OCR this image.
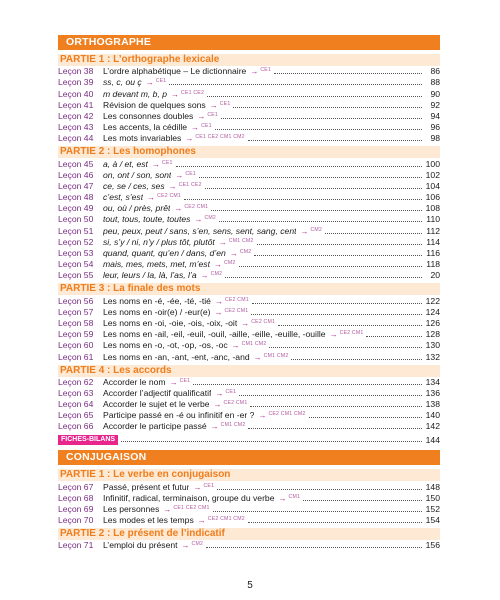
ORTHOGRAPHE
PARTIE 1 : L’orthographe lexicale
Leçon 38	L’ordre alphabétique – Le dictionnaire → CE1	86
Leçon 39	ss, c, ou ç → CE1	88
Leçon 40	m devant m, b, p → CE1 CE2	90
Leçon 41	Révision de quelques sons → CE1	92
Leçon 42	Les consonnes doubles → CE1	94
Leçon 43	Les accents, la cédille → CE1	96
Leçon 44	Les mots invariables → CE1 CE2 CM1 CM2	98
PARTIE 2 : Les homophones
Leçon 45	a, à / et, est → CE1	100
Leçon 46	on, ont / son, sont → CE1	102
Leçon 47	ce, se / ces, ses → CE1 CE2	104
Leçon 48	c’est, s’est → CE2 CM1	106
Leçon 49	ou, où / près, prêt → CE2 CM1	108
Leçon 50	tout, tous, toute, toutes → CM2	110
Leçon 51	peu, peux, peut / sans, s’en, sens, sent, sang, cent → CM2	112
Leçon 52	si, s’y / ni, n’y / plus tôt, plutôt → CM1 CM2	114
Leçon 53	quand, quant, qu’en / dans, d’en → CM2	116
Leçon 54	mais, mes, mets, met, m’est → CM2	118
Leçon 55	leur, leurs / la, là, l’as, l’a → CM2	20
PARTIE 3 : La finale des mots
Leçon 56	Les noms en -é, -ée, -té, -tié → CE2 CM1	122
Leçon 57	Les noms en -oir(e) / -eur(e) → CE2 CM1	124
Leçon 58	Les noms en -oi, -oie, -ois, -oix, -oit → CE2 CM1	126
Leçon 59	Les noms en -ail, -eil, -euil, -ouil, -aille, -eille, -euille, -ouille → CE2 CM1	128
Leçon 60	Les noms en -o, -ot, -op, -os, -oc → CM1 CM2	130
Leçon 61	Les noms en -an, -ant, -ent, -anc, -and → CM1 CM2	132
PARTIE 4 : Les accords
Leçon 62	Accorder le nom → CE1	134
Leçon 63	Accorder l’adjectif qualificatif → CE1	136
Leçon 64	Accorder le sujet et le verbe → CE2 CM1	138
Leçon 65	Participe passé en -é ou infinitif en -er ? → CE2 CM1 CM2	140
Leçon 66	Accorder le participe passé → CM1 CM2	142
FICHES-BILANS	144
CONJUGAISON
PARTIE 1 : Le verbe en conjugaison
Leçon 67	Passé, présent et futur → CE1	148
Leçon 68	Infinitif, radical, terminaison, groupe du verbe → CM1	150
Leçon 69	Les personnes → CE1 CE2 CM1	152
Leçon 70	Les modes et les temps → CE2 CM1 CM2	154
PARTIE 2 : Le présent de l’indicatif
Leçon 71	L’emploi du présent → CM2	156
5
